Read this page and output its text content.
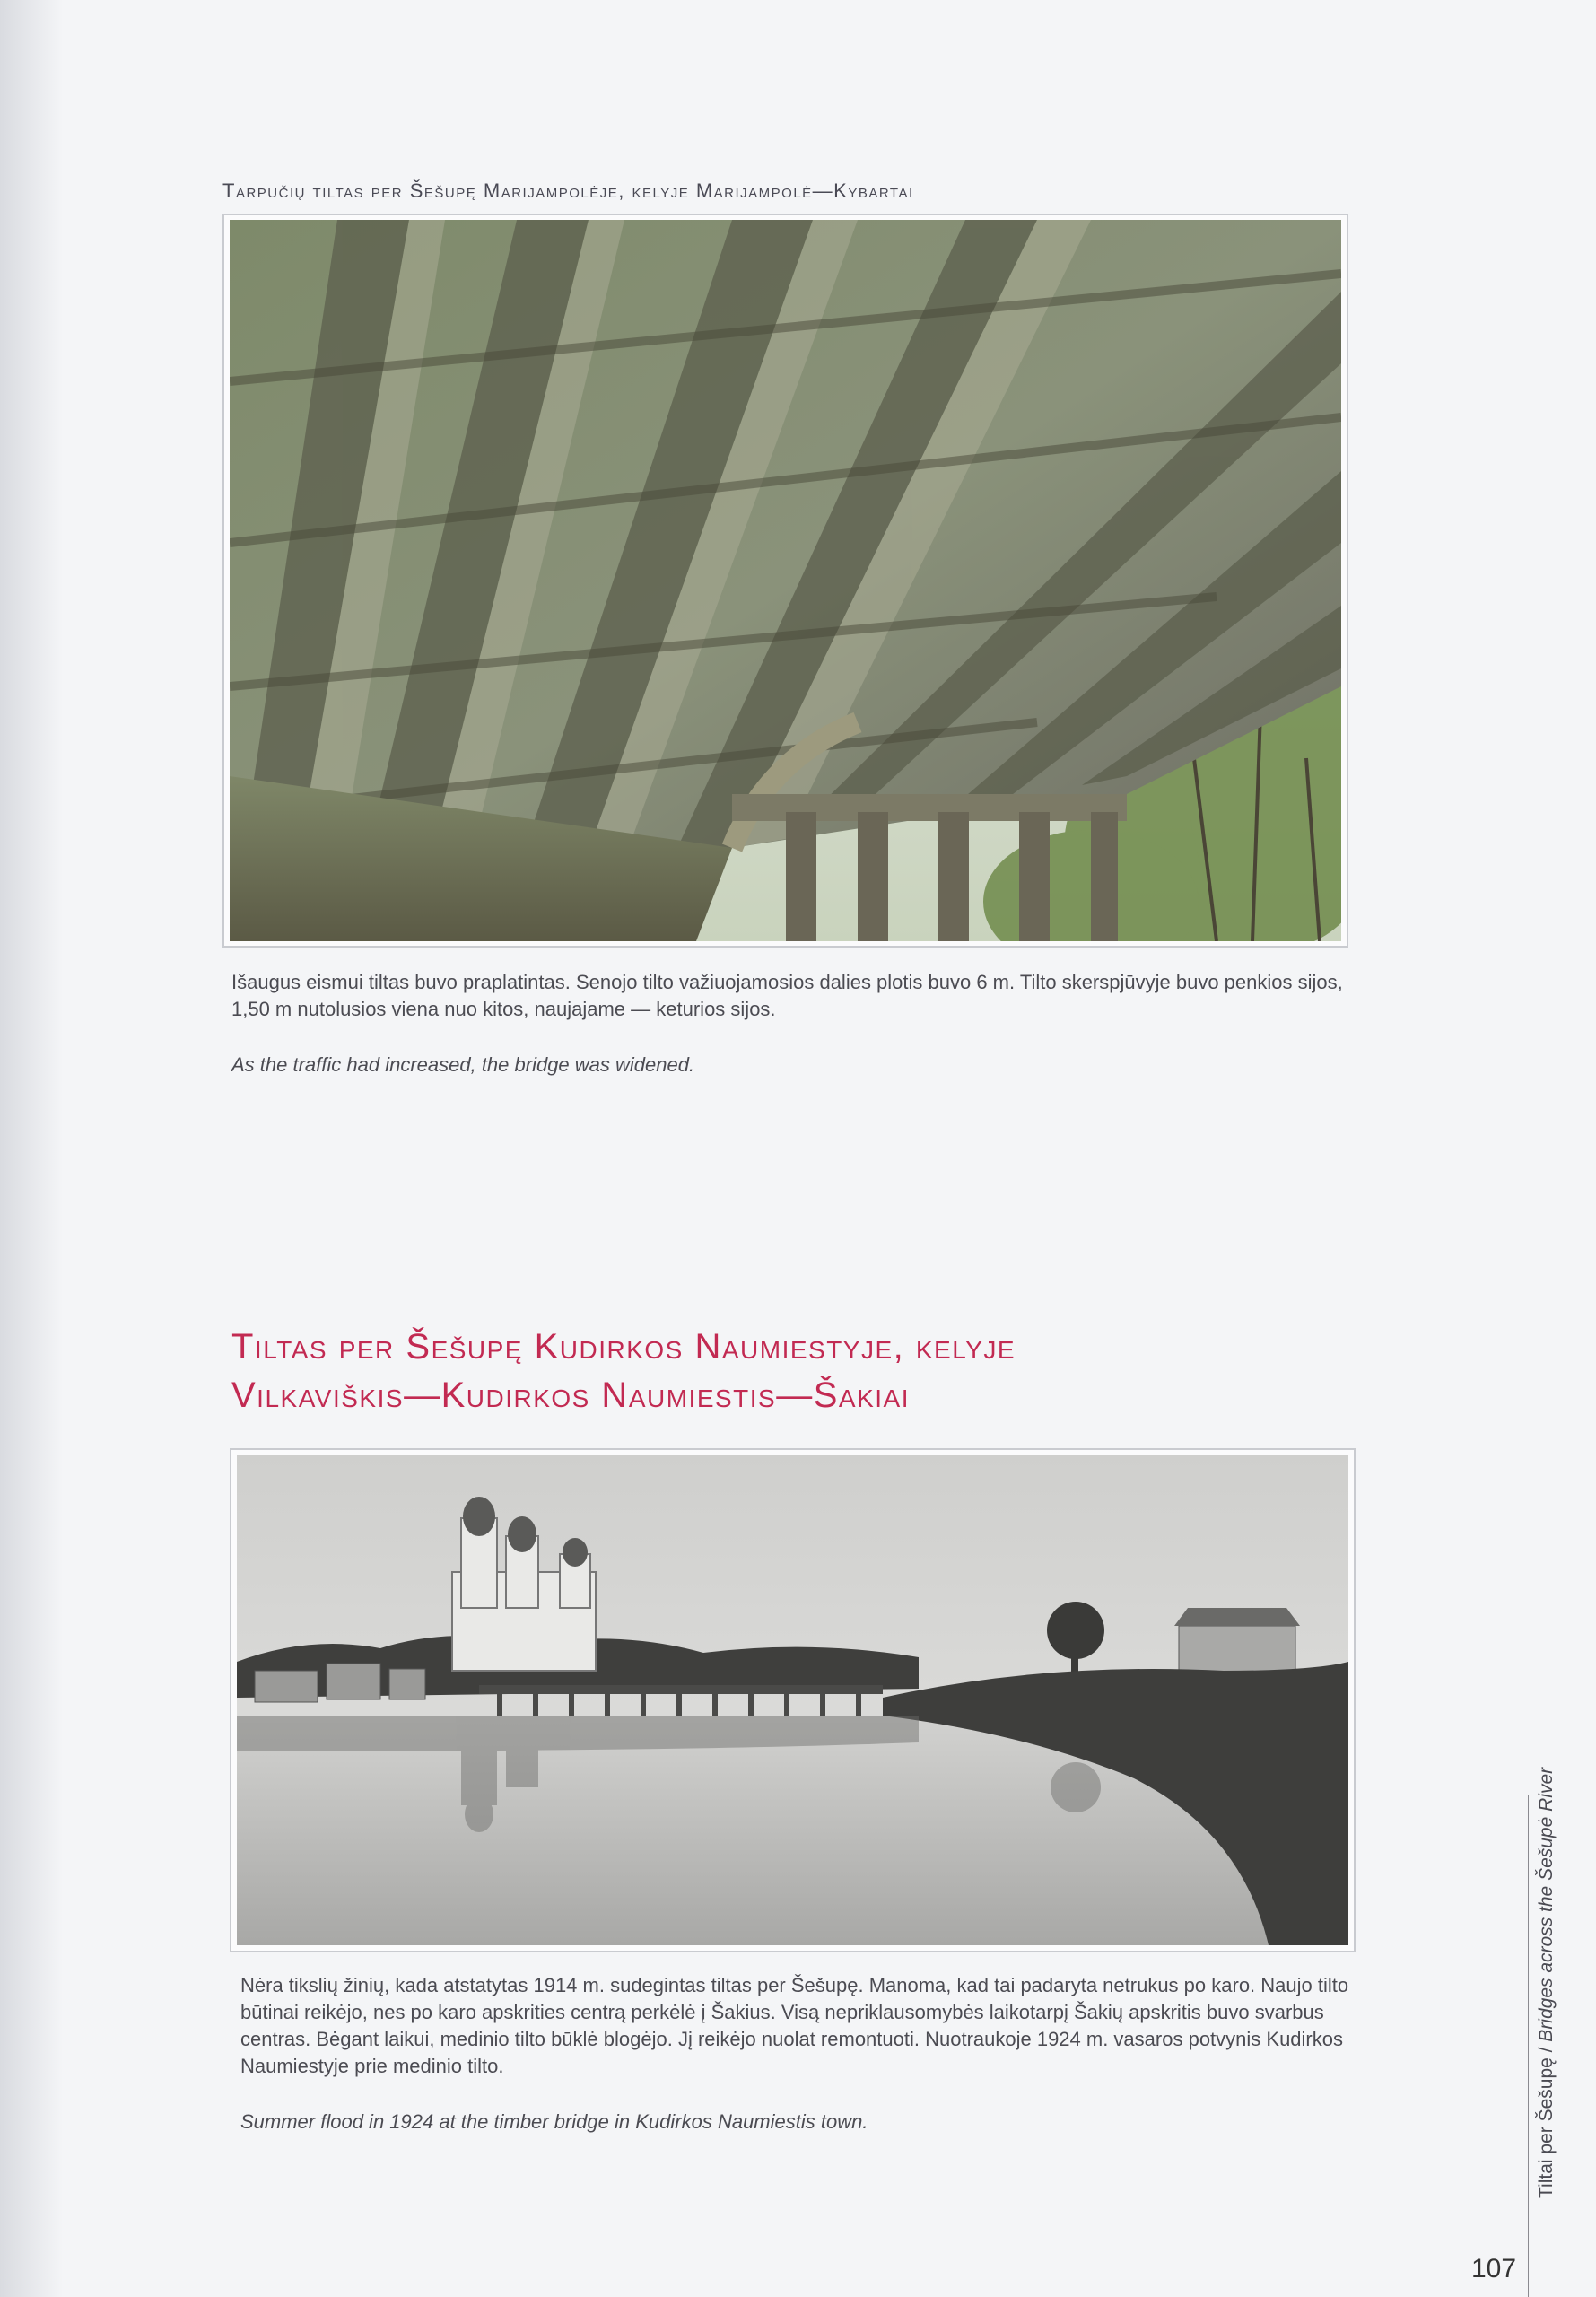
Tarpučių tiltas per Šešupę Marijampolėje, kelyje Marijampolė—Kybartai
Išaugus eismui tiltas buvo praplatintas. Senojo tilto važiuojamosios dalies plotis buvo 6 m. Tilto skerspjūvyje buvo penkios sijos, 1,50 m nutolusios viena nuo kitos, naujajame — keturios sijos.
As the traffic had increased, the bridge was widened.
Tiltas per Šešupę Kudirkos Naumiestyje, kelyje
Vilkaviškis—Kudirkos Naumiestis—Šakiai
Nėra tikslių žinių, kada atstatytas 1914 m. sudegintas tiltas per Šešupę. Manoma, kad tai padaryta netrukus po karo. Naujo tilto būtinai reikėjo, nes po karo apskrities centrą perkėlė į Šakius. Visą nepriklausomybės laikotarpį Šakių apskritis buvo svarbus centras. Bėgant laikui, medinio tilto būklė blogėjo. Jį reikėjo nuolat remontuoti. Nuotraukoje 1924 m. vasaros potvynis Kudirkos Naumiestyje prie medinio tilto.
Summer flood in 1924 at the timber bridge in Kudirkos Naumiestis town.	Tiltai per Šešupę / Bridges across the Šešupė River
107
